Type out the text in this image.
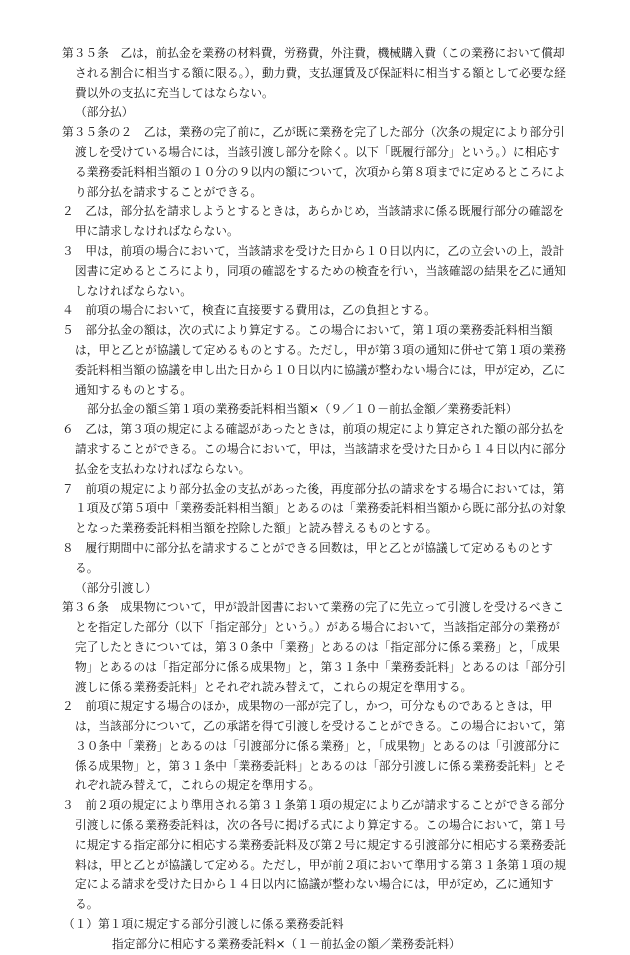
第３５条　乙は，前払金を業務の材料費，労務費，外注費，機械購入費（この業務において償却される割合に相当する額に限る。），動力費，支払運賃及び保証料に相当する額として必要な経費以外の支払に充当してはならない。

（部分払）

第３５条の２　乙は，業務の完了前に，乙が既に業務を完了した部分（次条の規定により部分引渡しを受けている場合には，当該引渡し部分を除く。以下「既履行部分」という。）に相応する業務委託料相当額の１０分の９以内の額について，次項から第８項までに定めるところにより部分払を請求することができる。

２　乙は，部分払を請求しようとするときは，あらかじめ，当該請求に係る既履行部分の確認を甲に請求しなければならない。

３　甲は，前項の場合において，当該請求を受けた日から１０日以内に，乙の立会いの上，設計図書に定めるところにより，同項の確認をするための検査を行い，当該確認の結果を乙に通知しなければならない。

４　前項の場合において，検査に直接要する費用は，乙の負担とする。

５　部分払金の額は，次の式により算定する。この場合において，第１項の業務委託料相当額は，甲と乙とが協議して定めるものとする。ただし，甲が第３項の通知に併せて第１項の業務委託料相当額の協議を申し出た日から１０日以内に協議が整わない場合には，甲が定め，乙に通知するものとする。

部分払金の額≦第１項の業務委託料相当額×（９／１０－前払金額／業務委託料）

６　乙は，第３項の規定による確認があったときは，前項の規定により算定された額の部分払を請求することができる。この場合において，甲は，当該請求を受けた日から１４日以内に部分払金を支払わなければならない。

７　前項の規定により部分払金の支払があった後，再度部分払の請求をする場合においては，第１項及び第５項中「業務委託料相当額」とあるのは「業務委託料相当額から既に部分払の対象となった業務委託料相当額を控除した額」と読み替えるものとする。

８　履行期間中に部分払を請求することができる回数は，甲と乙とが協議して定めるものとする。

（部分引渡し）

第３６条　成果物について，甲が設計図書において業務の完了に先立って引渡しを受けるべきことを指定した部分（以下「指定部分」という。）がある場合において，当該指定部分の業務が完了したときについては，第３０条中「業務」とあるのは「指定部分に係る業務」と，「成果物」とあるのは「指定部分に係る成果物」と，第３１条中「業務委託料」とあるのは「部分引渡しに係る業務委託料」とそれぞれ読み替えて，これらの規定を準用する。

２　前項に規定する場合のほか，成果物の一部が完了し，かつ，可分なものであるときは，甲は，当該部分について，乙の承諾を得て引渡しを受けることができる。この場合において，第３０条中「業務」とあるのは「引渡部分に係る業務」と，「成果物」とあるのは「引渡部分に係る成果物」と，第３１条中「業務委託料」とあるのは「部分引渡しに係る業務委託料」とそれぞれ読み替えて，これらの規定を準用する。

３　前２項の規定により準用される第３１条第１項の規定により乙が請求することができる部分引渡しに係る業務委託料は，次の各号に掲げる式により算定する。この場合において，第１号に規定する指定部分に相応する業務委託料及び第２号に規定する引渡部分に相応する業務委託料は，甲と乙とが協議して定める。ただし，甲が前２項において準用する第３１条第１項の規定による請求を受けた日から１４日以内に協議が整わない場合には，甲が定め，乙に通知する。

（１）第１項に規定する部分引渡しに係る業務委託料

指定部分に相応する業務委託料×（１－前払金の額／業務委託料）
